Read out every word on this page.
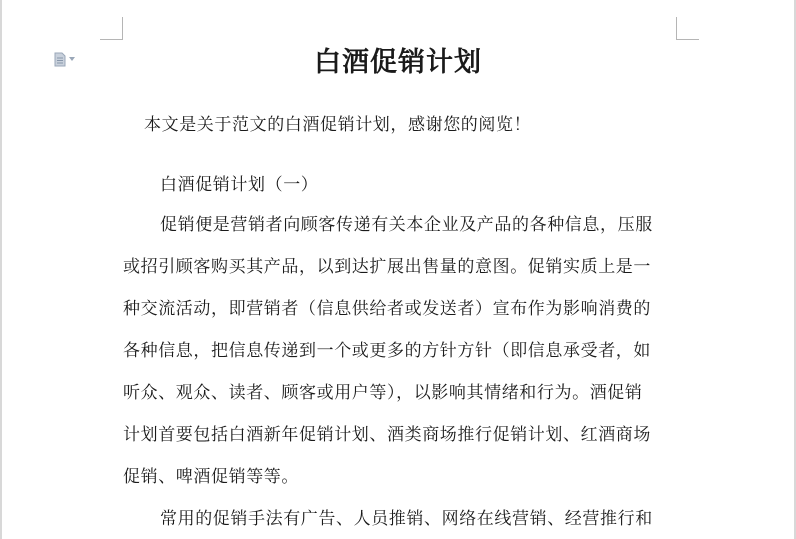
白酒促销计划

本文是关于范文的白酒促销计划，感谢您的阅览！

白酒促销计划（一）

促销便是营销者向顾客传递有关本企业及产品的各种信息，压服

或招引顾客购买其产品，以到达扩展出售量的意图。促销实质上是一

种交流活动，即营销者（信息供给者或发送者）宣布作为影响消费的

各种信息，把信息传递到一个或更多的方针方针（即信息承受者，如

听众、观众、读者、顾客或用户等），以影响其情绪和行为。酒促销

计划首要包括白酒新年促销计划、酒类商场推行促销计划、红酒商场

促销、啤酒促销等等。

常用的促销手法有广告、人员推销、网络在线营销、经营推行和
